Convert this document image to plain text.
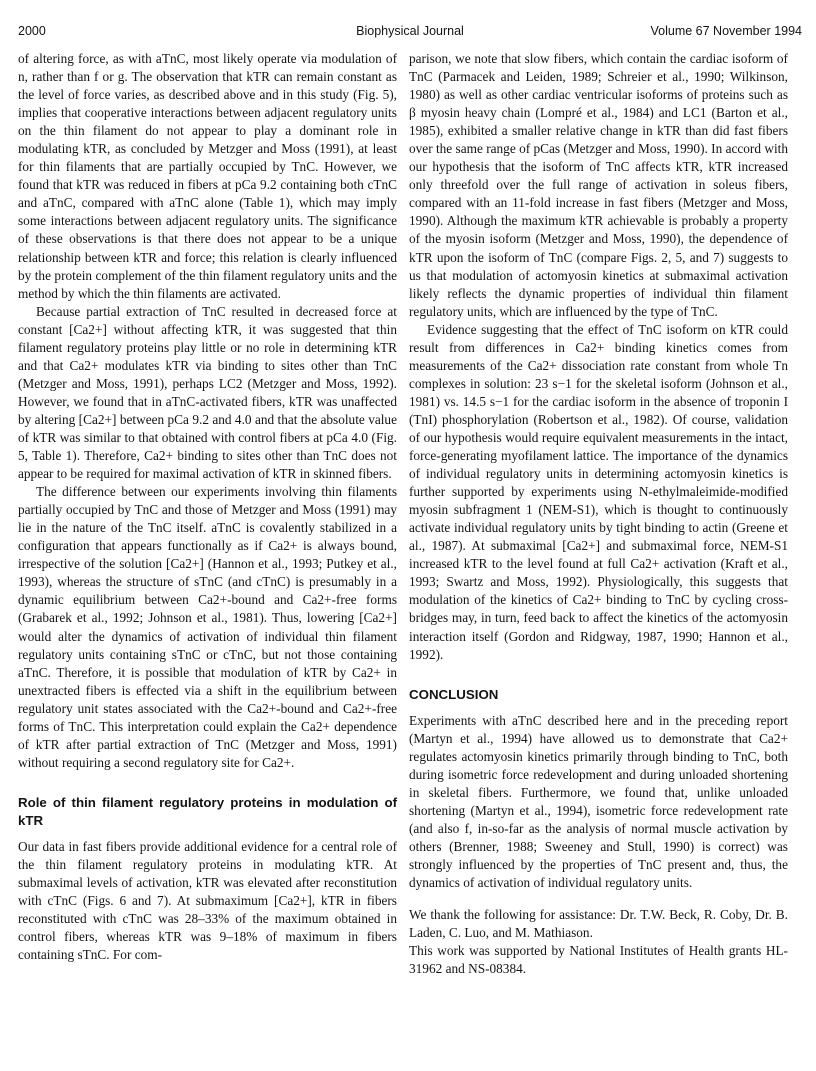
2000	Biophysical Journal	Volume 67 November 1994

of altering force, as with aTnC, most likely operate via modulation of n, rather than f or g. The observation that kTR can remain constant as the level of force varies, as described above and in this study (Fig. 5), implies that cooperative interactions between adjacent regulatory units on the thin filament do not appear to play a dominant role in modulating kTR, as concluded by Metzger and Moss (1991), at least for thin filaments that are partially occupied by TnC. However, we found that kTR was reduced in fibers at pCa 9.2 containing both cTnC and aTnC, compared with aTnC alone (Table 1), which may imply some interactions between adjacent regulatory units. The significance of these observations is that there does not appear to be a unique relationship between kTR and force; this relation is clearly influenced by the protein complement of the thin filament regulatory units and the method by which the thin filaments are activated.

Because partial extraction of TnC resulted in decreased force at constant [Ca2+] without affecting kTR, it was suggested that thin filament regulatory proteins play little or no role in determining kTR and that Ca2+ modulates kTR via binding to sites other than TnC (Metzger and Moss, 1991), perhaps LC2 (Metzger and Moss, 1992). However, we found that in aTnC-activated fibers, kTR was unaffected by altering [Ca2+] between pCa 9.2 and 4.0 and that the absolute value of kTR was similar to that obtained with control fibers at pCa 4.0 (Fig. 5, Table 1). Therefore, Ca2+ binding to sites other than TnC does not appear to be required for maximal activation of kTR in skinned fibers.

The difference between our experiments involving thin filaments partially occupied by TnC and those of Metzger and Moss (1991) may lie in the nature of the TnC itself. aTnC is covalently stabilized in a configuration that appears functionally as if Ca2+ is always bound, irrespective of the solution [Ca2+] (Hannon et al., 1993; Putkey et al., 1993), whereas the structure of sTnC (and cTnC) is presumably in a dynamic equilibrium between Ca2+-bound and Ca2+-free forms (Grabarek et al., 1992; Johnson et al., 1981). Thus, lowering [Ca2+] would alter the dynamics of activation of individual thin filament regulatory units containing sTnC or cTnC, but not those containing aTnC. Therefore, it is possible that modulation of kTR by Ca2+ in unextracted fibers is effected via a shift in the equilibrium between regulatory unit states associated with the Ca2+-bound and Ca2+-free forms of TnC. This interpretation could explain the Ca2+ dependence of kTR after partial extraction of TnC (Metzger and Moss, 1991) without requiring a second regulatory site for Ca2+.

Role of thin filament regulatory proteins in modulation of kTR

Our data in fast fibers provide additional evidence for a central role of the thin filament regulatory proteins in modulating kTR. At submaximal levels of activation, kTR was elevated after reconstitution with cTnC (Figs. 6 and 7). At submaximum [Ca2+], kTR in fibers reconstituted with cTnC was 28–33% of the maximum obtained in control fibers, whereas kTR was 9–18% of maximum in fibers containing sTnC. For com-

parison, we note that slow fibers, which contain the cardiac isoform of TnC (Parmacek and Leiden, 1989; Schreier et al., 1990; Wilkinson, 1980) as well as other cardiac ventricular isoforms of proteins such as β myosin heavy chain (Lompré et al., 1984) and LC1 (Barton et al., 1985), exhibited a smaller relative change in kTR than did fast fibers over the same range of pCas (Metzger and Moss, 1990). In accord with our hypothesis that the isoform of TnC affects kTR, kTR increased only threefold over the full range of activation in soleus fibers, compared with an 11-fold increase in fast fibers (Metzger and Moss, 1990). Although the maximum kTR achievable is probably a property of the myosin isoform (Metzger and Moss, 1990), the dependence of kTR upon the isoform of TnC (compare Figs. 2, 5, and 7) suggests to us that modulation of actomyosin kinetics at submaximal activation likely reflects the dynamic properties of individual thin filament regulatory units, which are influenced by the type of TnC.

Evidence suggesting that the effect of TnC isoform on kTR could result from differences in Ca2+ binding kinetics comes from measurements of the Ca2+ dissociation rate constant from whole Tn complexes in solution: 23 s−1 for the skeletal isoform (Johnson et al., 1981) vs. 14.5 s−1 for the cardiac isoform in the absence of troponin I (TnI) phosphorylation (Robertson et al., 1982). Of course, validation of our hypothesis would require equivalent measurements in the intact, force-generating myofilament lattice. The importance of the dynamics of individual regulatory units in determining actomyosin kinetics is further supported by experiments using N-ethylmaleimide-modified myosin subfragment 1 (NEM-S1), which is thought to continuously activate individual regulatory units by tight binding to actin (Greene et al., 1987). At submaximal [Ca2+] and submaximal force, NEM-S1 increased kTR to the level found at full Ca2+ activation (Kraft et al., 1993; Swartz and Moss, 1992). Physiologically, this suggests that modulation of the kinetics of Ca2+ binding to TnC by cycling cross-bridges may, in turn, feed back to affect the kinetics of the actomyosin interaction itself (Gordon and Ridgway, 1987, 1990; Hannon et al., 1992).

CONCLUSION

Experiments with aTnC described here and in the preceding report (Martyn et al., 1994) have allowed us to demonstrate that Ca2+ regulates actomyosin kinetics primarily through binding to TnC, both during isometric force redevelopment and during unloaded shortening in skeletal fibers. Furthermore, we found that, unlike unloaded shortening (Martyn et al., 1994), isometric force redevelopment rate (and also f, in-so-far as the analysis of normal muscle activation by others (Brenner, 1988; Sweeney and Stull, 1990) is correct) was strongly influenced by the properties of TnC present and, thus, the dynamics of activation of individual regulatory units.

We thank the following for assistance: Dr. T.W. Beck, R. Coby, Dr. B. Laden, C. Luo, and M. Mathiason.

This work was supported by National Institutes of Health grants HL-31962 and NS-08384.
